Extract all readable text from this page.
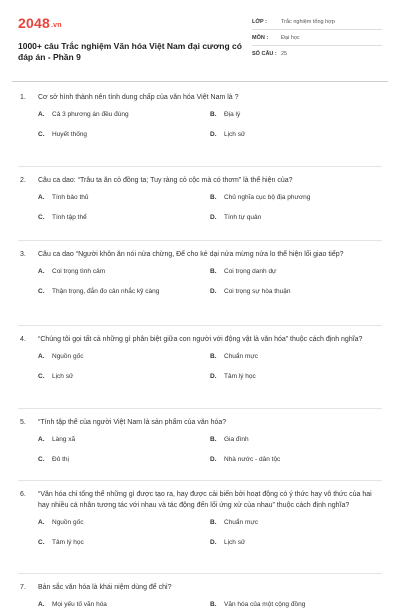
2048.vn
1000+ câu Trắc nghiệm Văn hóa Việt Nam đại cương có đáp án - Phần 9
LỚP :	Trắc nghiệm tổng hợp
MÔN :	Đại học
SỐ CÂU : 25
1.	Cơ sở hình thành nên tính dung chấp của văn hóa Việt Nam là ?
A.	Cả 3 phương án đều đúng	B.	Địa lý
C.	Huyết thống	D.	Lịch sử
2.	Câu ca dao: “Trâu ta ăn cỏ đồng ta; Tuy ràng cỏ cộc mà có thơm” là thể hiện của?
A.	Tính bảo thủ	B.	Chủ nghĩa cục bộ địa phương
C.	Tính tập thể	D.	Tính tự quản
3.	Câu ca dao “Người khôn ăn nói nửa chừng, Để cho kẻ dại nửa mừng nửa lo thể hiện lối giao tiếp?
A.	Coi trọng tình cảm	B.	Coi trọng danh dự
C.	Thận trọng, đắn đo cân nhắc kỹ càng	D.	Coi trọng sự hòa thuận
4.	“Chúng tôi gọi tất cả những gì phân biệt giữa con người với động vật là văn hóa” thuộc cách định nghĩa?
A.	Nguồn gốc	B.	Chuẩn mực
C.	Lịch sử	D.	Tâm lý học
5.	“Tính tập thể của người Việt Nam là sản phẩm của văn hóa?
A.	Làng xã	B.	Gia đình
C.	Đô thị	D.	Nhà nước - dân tộc
6.	“Văn hóa chỉ tổng thể những gì được tạo ra, hay được cải biến bởi hoạt động có ý thức hay vô thức của hai hay nhiều cá nhân tương tác với nhau và tác động đến lối ứng xử của nhau” thuộc cách định nghĩa?
A.	Nguồn gốc	B.	Chuẩn mực
C.	Tâm lý học	D.	Lịch sử
7.	Bản sắc văn hóa là khái niệm dùng để chỉ?
A.	Mọi yếu tố văn hóa	B.	Văn hóa của một cộng đồng
